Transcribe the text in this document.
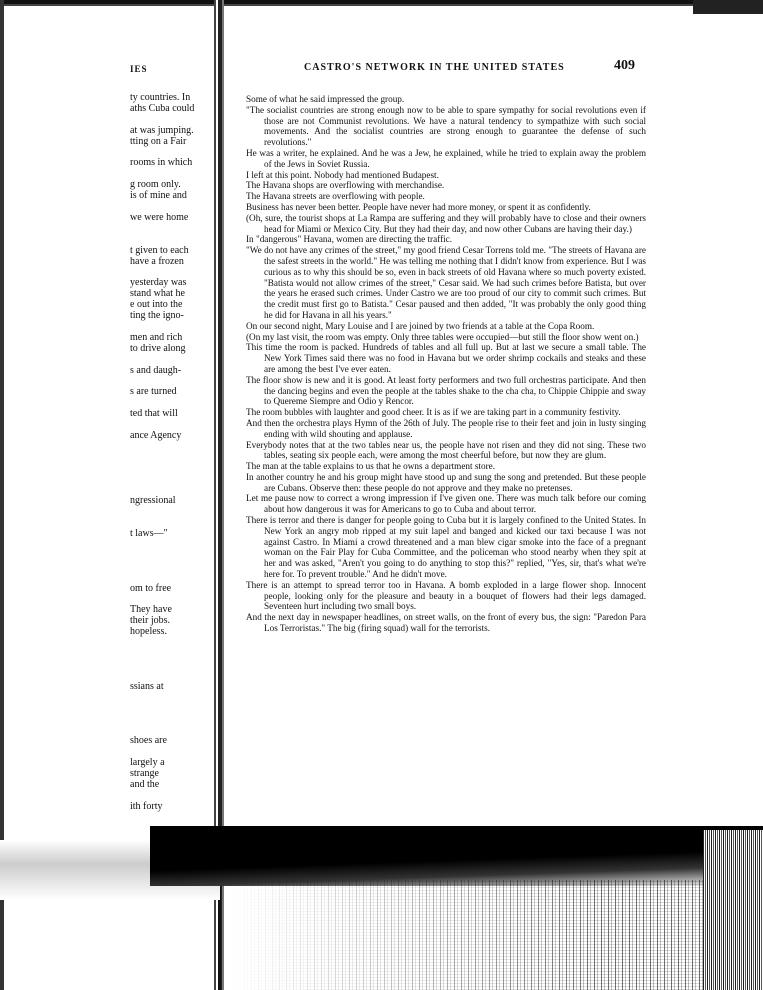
IES
ty countries. In
aths Cuba could
at was jumping.
tting on a Fair
rooms in which
g room only.
is of mine and
we were home
t given to each
have a frozen
yesterday was
stand what he
e out into the
ting the igno-
men and rich
to drive along
s and daugh-
s are turned
ted that will
ance Agency
ngressional
t laws—"
om to free
They have
their jobs.
hopeless.
ssians at
shoes are
largely a
strange
and the
ith forty
CASTRO'S NETWORK IN THE UNITED STATES	409

Some of what he said impressed the group.

"The socialist countries are strong enough now to be able to spare sympathy for social revolutions even if those are not Communist revolutions. We have a natural tendency to sympathize with such social movements. And the socialist countries are strong enough to guarantee the defense of such revolutions."

He was a writer, he explained. And he was a Jew, he explained, while he tried to explain away the problem of the Jews in Soviet Russia.

I left at this point. Nobody had mentioned Budapest.

The Havana shops are overflowing with merchandise.

The Havana streets are overflowing with people.

Business has never been better. People have never had more money, or spent it as confidently.

(Oh, sure, the tourist shops at La Rampa are suffering and they will probably have to close and their owners head for Miami or Mexico City. But they had their day, and now other Cubans are having their day.)

In "dangerous" Havana, women are directing the traffic.

"We do not have any crimes of the street," my good friend Cesar Torrens told me. "The streets of Havana are the safest streets in the world." He was telling me nothing that I didn't know from experience. But I was curious as to why this should be so, even in back streets of old Havana where so much poverty existed. "Batista would not allow crimes of the street," Cesar said. We had such crimes before Batista, but over the years he erased such crimes. Under Castro we are too proud of our city to commit such crimes. But the credit must first go to Batista." Cesar paused and then added, "It was probably the only good thing he did for Havana in all his years."

On our second night, Mary Louise and I are joined by two friends at a table at the Copa Room.

(On my last visit, the room was empty. Only three tables were occupied—but still the floor show went on.)

This time the room is packed. Hundreds of tables and all full up. But at last we secure a small table. The New York Times said there was no food in Havana but we order shrimp cockails and steaks and these are among the best I've ever eaten.

The floor show is new and it is good. At least forty performers and two full orchestras participate. And then the dancing begins and even the people at the tables shake to the cha cha, to Chippie Chippie and sway to Quereme Siempre and Odio y Rencor.

The room bubbles with laughter and good cheer. It is as if we are taking part in a community festivity.

And then the orchestra plays Hymn of the 26th of July. The people rise to their feet and join in lusty singing ending with wild shouting and applause.

Everybody notes that at the two tables near us, the people have not risen and they did not sing. These two tables, seating six people each, were among the most cheerful before, but now they are glum.

The man at the table explains to us that he owns a department store.

In another country he and his group might have stood up and sung the song and pretended. But these people are Cubans. Observe then: these people do not approve and they make no pretenses.

Let me pause now to correct a wrong impression if I've given one. There was much talk before our coming about how dangerous it was for Americans to go to Cuba and about terror.

There is terror and there is danger for people going to Cuba but it is largely confined to the United States. In New York an angry mob ripped at my suit lapel and banged and kicked our taxi because I was not against Castro. In Miami a crowd threatened and a man blew cigar smoke into the face of a pregnant woman on the Fair Play for Cuba Committee, and the policeman who stood nearby when they spit at her and was asked, "Aren't you going to do anything to stop this?" replied, "Yes, sir, that's what we're here for. To prevent trouble." And he didn't move.

There is an attempt to spread terror too in Havana. A bomb exploded in a large flower shop. Innocent people, looking only for the pleasure and beauty in a bouquet of flowers had their legs damaged. Seventeen hurt including two small boys.

And the next day in newspaper headlines, on street walls, on the front of every bus, the sign: "Paredon Para Los Terroristas." The big (firing squad) wall for the terrorists.
